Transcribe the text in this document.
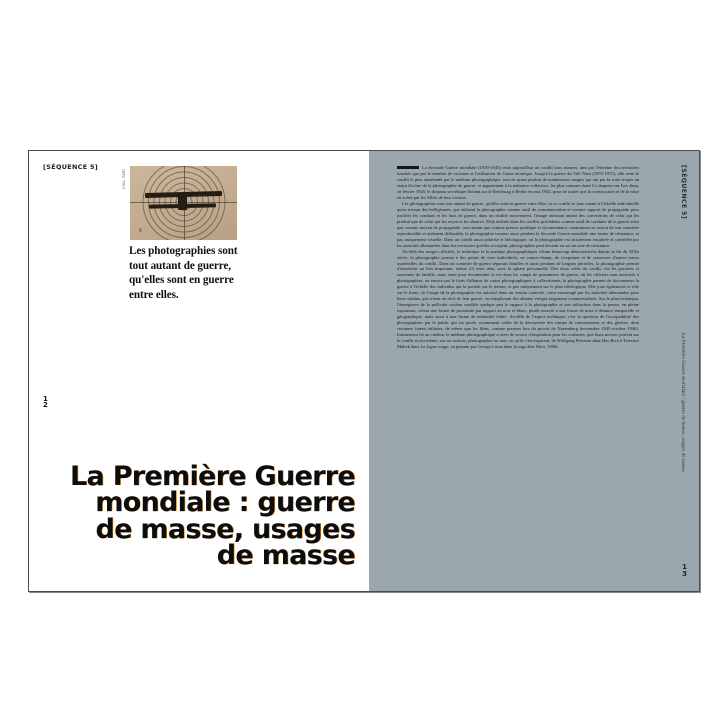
[SÉQUENCE 5]
COLL. PART.
N
Les photographies sont tout autant de guerre, qu'elles sont en guerre entre elles.
1
2
La Première Guerre
mondiale : guerre
de masse, usages
de masse
[SÉQUENCE 5]
La Première Guerre mondiale : guerre de masse, usages de masse

La Seconde Guerre mondiale (1939-1945) reste aujourd'hui un conflit hors normes, tant par l'étendue des territoires touchés que par le nombre de victimes et l'utilisation de l'arme atomique. Jusqu'à la guerre du Viêt Nam (1955-1975), elle reste le conflit le plus représenté par le médium photographique, tout en ayant produit de nombreuses images qui ont par la suite acquis un statut d'icône de la photographie de guerre, et appartenant à la mémoire collective, les plus connues étant Le drapeau sur Iwo Jima, en février 1945, le drapeau soviétique flottant sur le Reichstag à Berlin en mai 1945, pour ne traiter que la construction et de la mise en scène par les Alliés de leur victoire.

Les photographies sont tout autant de guerre, qu'elles sont en guerre entre elles, et ce conflit se joue autant à l'échelle individuelle qu'au niveau des belligérants, qui utilisent la photographie comme outil de communication et comme support de propagande pour justifier les combats et les buts de guerre, dans un double mouvement, l'image attestant autant des convictions de celui qui les produit que de celui qui les reçoit et les observe. Déjà utilisée dans les conflits précédents comme outil de conduite de la guerre ainsi que comme moyen de propagande, tout autant que comme preuve juridique et documentaire, notamment en raison de son caractère reproductible et aisément diffusable, la photographie incarne aussi pendant la Seconde Guerre mondiale une forme de résistance, et pas uniquement visuelle. Dans un conflit aussi polarisé et idéologique, où la photographie est strictement encadrée et contrôlée par les autorités allemandes dans les territoires qu'elles occupent, photographier peut devenir en soi un acte de résistance.

Au-delà des usages officiels, la technique et la pratique photographiques s'étant beaucoup démocratisées depuis la fin du XIXe siècle, la photographie permet à des points de vues individuels, en contre-champ, de s'exprimer et de conserver d'autres traces matérielles du conflit. Dans un contexte de guerre séparant familles et amis pendant de longues périodes, la photographie permet d'entretenir un lien important, même s'il reste ténu, avec la sphère personnelle. Des deux côtés du conflit, via les portraits et souvenirs de famille, mais aussi pour documenter la vie dans les camps de prisonniers de guerre, où les officiers sont autorisés à photographier, ou encore par le biais d'albums de cartes photographiques à collectionner, la photographie permet de documenter la guerre à l'échelle des individus qui la portent sur le terrain, et pas uniquement sur le plan idéologique. Elle joue également ce rôle sur le front, où l'usage de la photographie est autorisé dans un certain contexte, voire encouragé par les autorités allemandes pour leurs soldats, qui créent un récit de leur guerre, en remplissant des albums vierges largement commercialisés. Sur le plan technique, l'émergence de la pellicule couleur modifie quelque peu le rapport à la photographie et son utilisation dans la presse, en pleine expansion, créant une forme de proximité par rapport au noir et blanc, plutôt associé à une forme de mise à distance temporelle et géographique, mais aussi à une forme de neutralité feinte. Au-delà de l'aspect technique, c'est la question de l'acceptabilité des photographies par le public qui est posée, notamment celles de la découverte des camps de concentration et des ghettos, dont certaines furent utilisées, de même que les films, comme preuves lors du procès de Nuremberg (novembre 1945-octobre 1946). Intimement lié au cinéma, le médium photographique a servi de source d'inspiration pour les cinéastes, que leurs œuvres portent sur le conflit en lui-même, sur ses acteurs, photographes ou non, ou qu'ils s'en inspirent, de Wolfgang Petersen dans Das Boot à Terrence Malick dans La Ligne rouge, en passant par George Lucas dans la saga Star Wars, 1890s

1
3
